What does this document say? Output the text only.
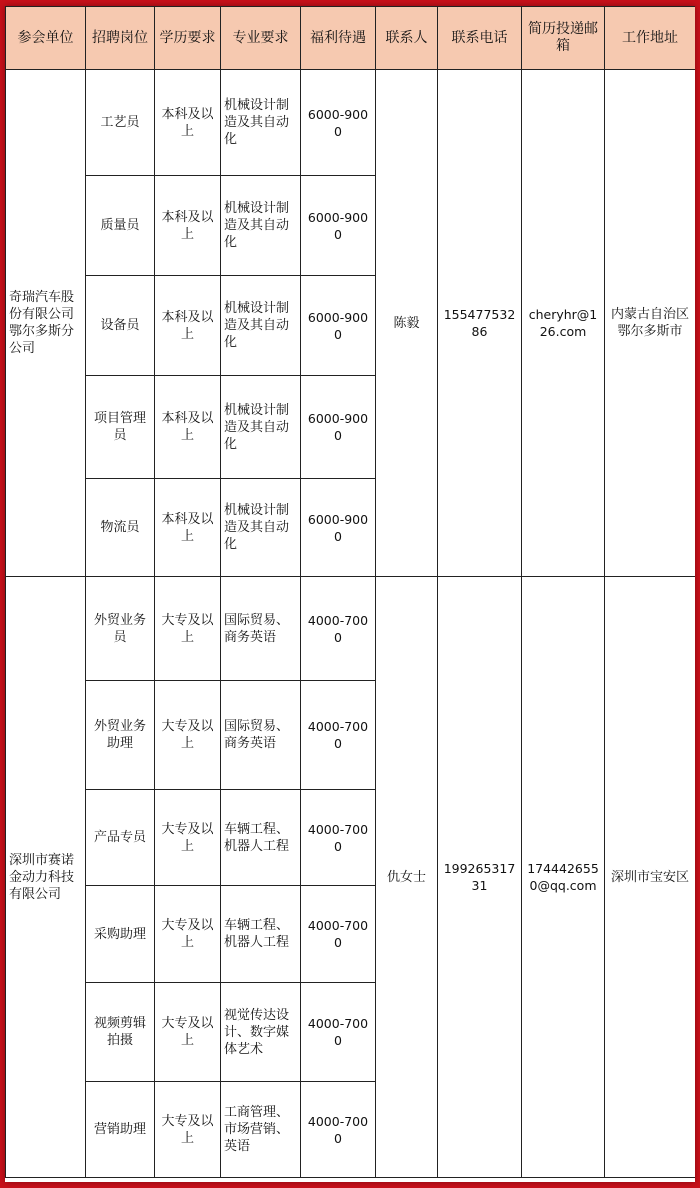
参会单位	招聘岗位	学历要求	专业要求	福利待遇	联系人	联系电话	简历投递邮箱	工作地址
奇瑞汽车股份有限公司鄂尔多斯分公司	工艺员	本科及以上	机械设计制造及其自动化	6000-9000	陈毅	15547753286	cheryhr@126.com	内蒙古自治区鄂尔多斯市
	质量员	本科及以上	机械设计制造及其自动化	6000-9000				
	设备员	本科及以上	机械设计制造及其自动化	6000-9000				
	项目管理员	本科及以上	机械设计制造及其自动化	6000-9000				
	物流员	本科及以上	机械设计制造及其自动化	6000-9000				
深圳市赛诺金动力科技有限公司	外贸业务员	大专及以上	国际贸易、商务英语	4000-7000	仇女士	19926531731	1744426550@qq.com	深圳市宝安区
	外贸业务助理	大专及以上	国际贸易、商务英语	4000-7000				
	产品专员	大专及以上	车辆工程、机器人工程	4000-7000				
	采购助理	大专及以上	车辆工程、机器人工程	4000-7000				
	视频剪辑拍摄	大专及以上	视觉传达设计、数字媒体艺术	4000-7000				
	营销助理	大专及以上	工商管理、市场营销、英语	4000-7000				
